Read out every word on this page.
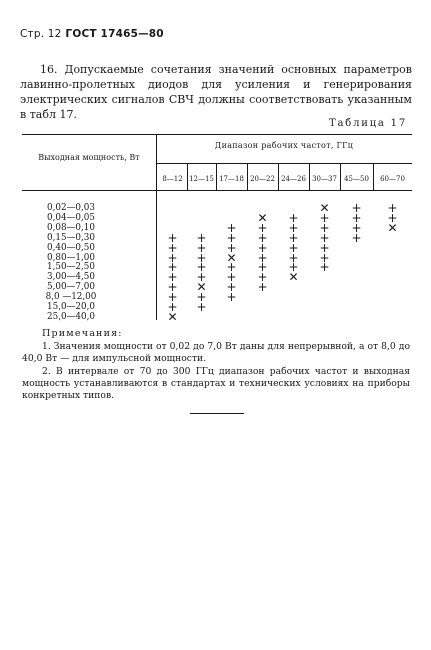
Стр. 12 ГОСТ 17465—80
16. Допускаемые сочетания значений основных параметров лавинно-пролетных диодов для усиления и генерирования электрических сигналов СВЧ должны соответствовать указанным в табл 17.
Таблица 17
Выходная мощность, Вт
Диапазон рабочих частот, ГГц
8—12 12—15 17—18 20—22 24—26 30—37	45—50	60—70
0,02—0,03
0,04—0,05
0,08—0,10
0,15—0,30
0,40—0,50
0,80—1,00
1,50—2,50
3,00—4,50
5,00—7,00
8,0 —12,00
15,0—20,0
25,0—40,0
✕ + +
✕ + + + +
+ + + + + ✕
+ + + + + + +
+ + + + + +
+ + ✕ + + +
+ + + + + +
+ + + + ✕
+ ✕ + +
+ + +
+ +
✕
Примечания:
1. Значения мощности от 0,02 до 7,0 Вт даны для непрерывной, а от 8,0 до 40,0 Вт — для импульсной мощности.
2. В интервале от 70 до 300 ГГц диапазон рабочих частот и выходная мощность устанавливаются в стандартах и технических условиях на приборы конкретных типов.
